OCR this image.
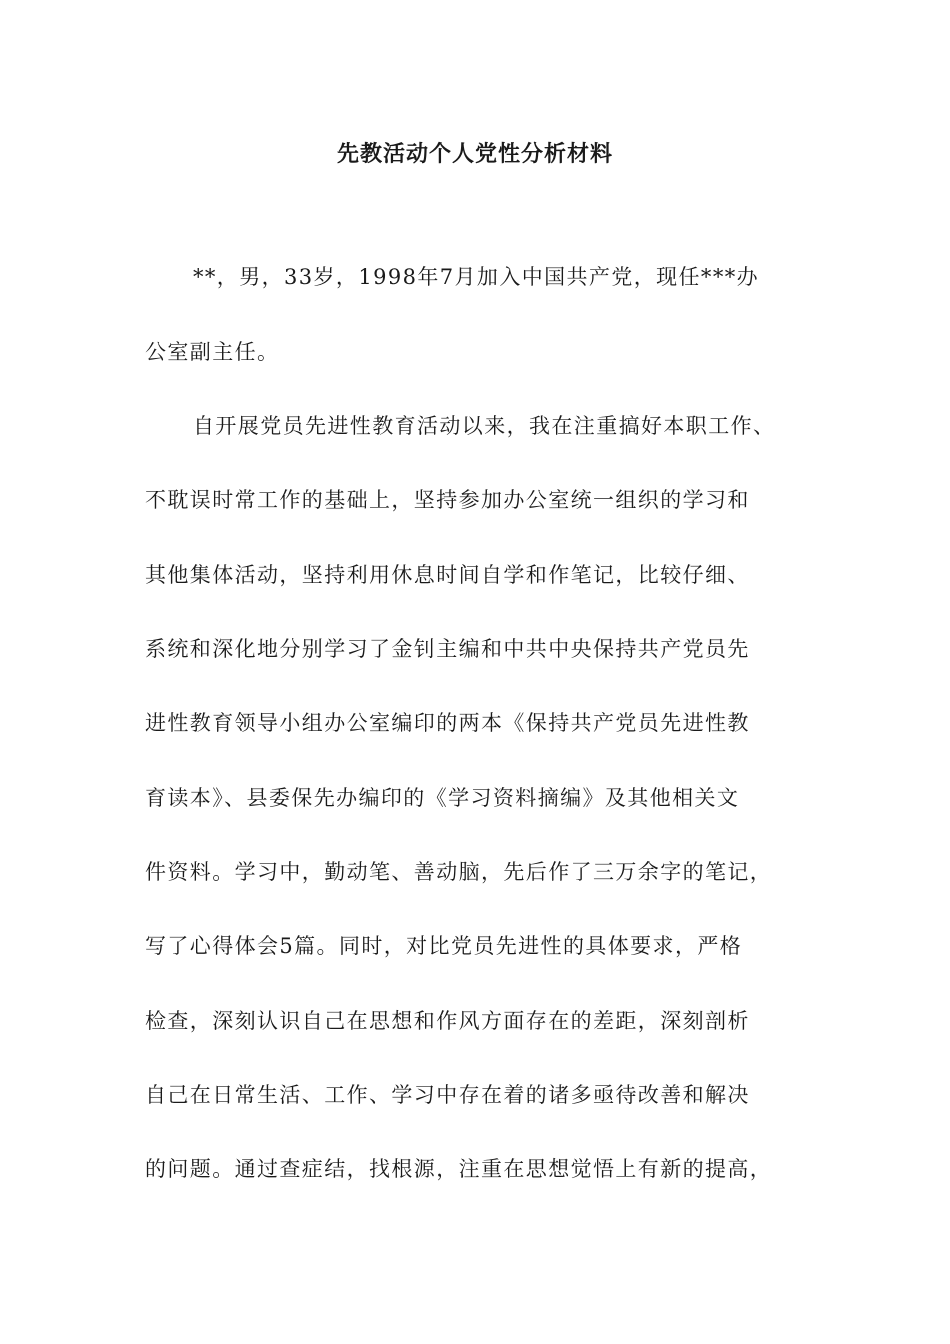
先教活动个人党性分析材料
**，男，33岁，1998年7月加入中国共产党，现任***办
公室副主任。
自开展党员先进性教育活动以来，我在注重搞好本职工作、
不耽误时常工作的基础上，坚持参加办公室统一组织的学习和
其他集体活动，坚持利用休息时间自学和作笔记，比较仔细、
系统和深化地分别学习了金钊主编和中共中央保持共产党员先
进性教育领导小组办公室编印的两本《保持共产党员先进性教
育读本》、县委保先办编印的《学习资料摘编》及其他相关文
件资料。学习中，勤动笔、善动脑，先后作了三万余字的笔记，
写了心得体会5篇。同时，对比党员先进性的具体要求，严格
检查，深刻认识自己在思想和作风方面存在的差距，深刻剖析
自己在日常生活、工作、学习中存在着的诸多亟待改善和解决
的问题。通过查症结，找根源，注重在思想觉悟上有新的提高，
